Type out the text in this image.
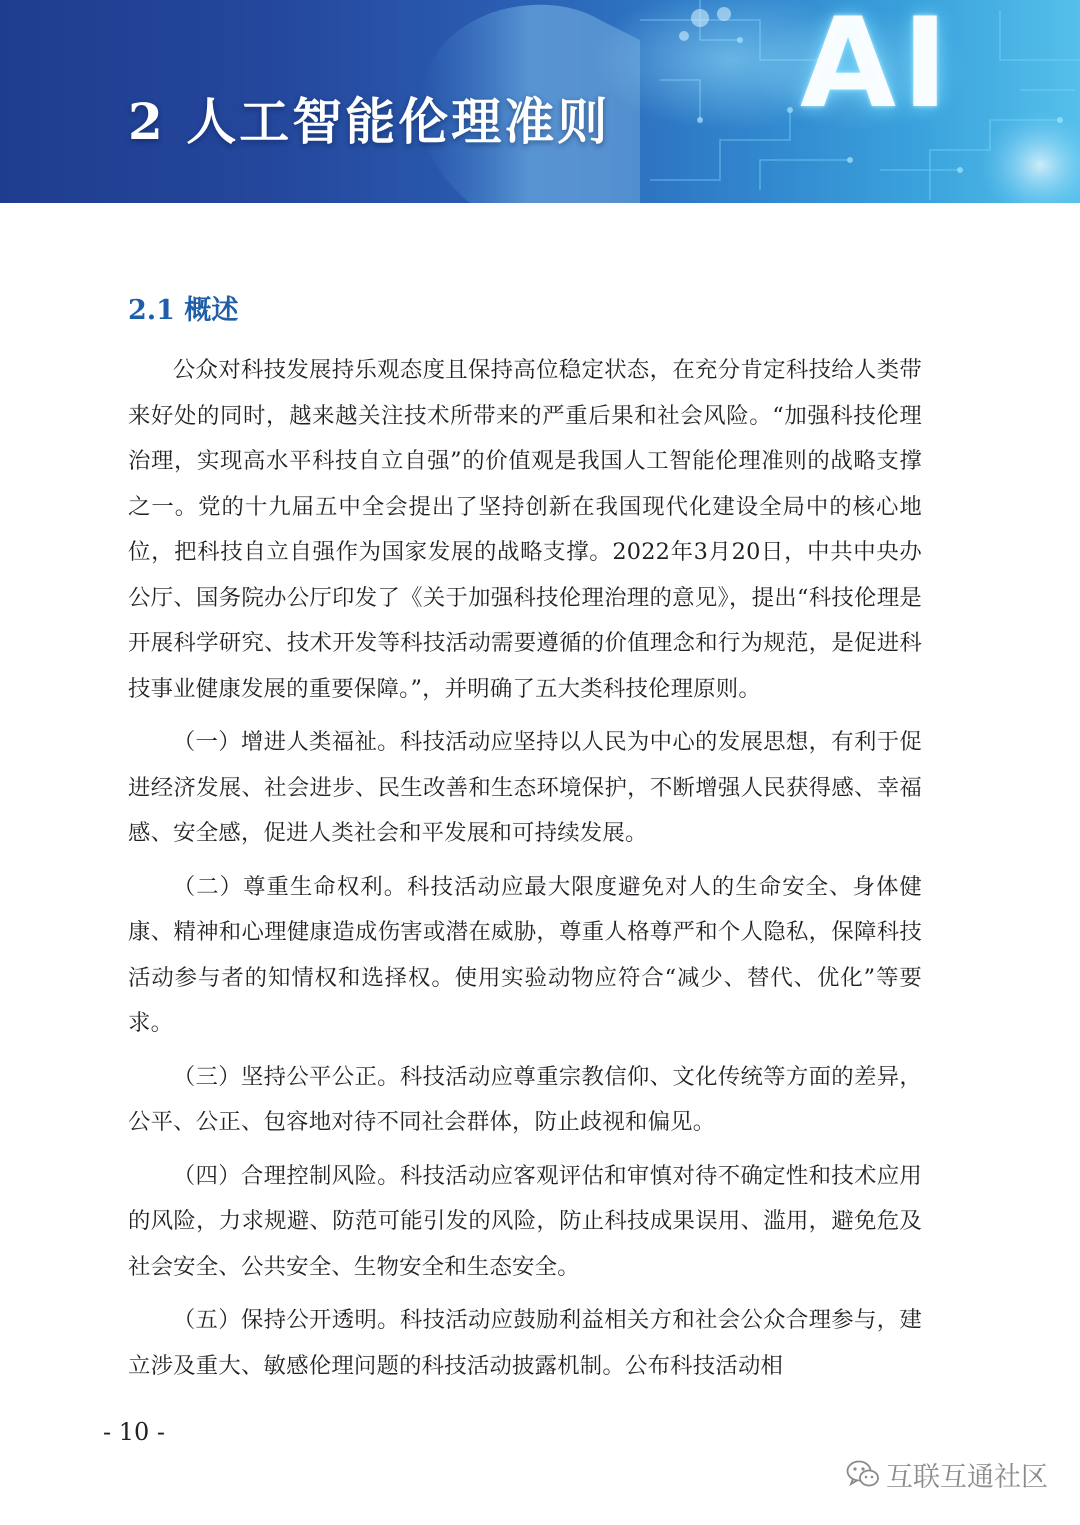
AI
2 人工智能伦理准则
2.1 概述

公众对科技发展持乐观态度且保持高位稳定状态，在充分肯定科技给人类带来好处的同时，越来越关注技术所带来的严重后果和社会风险。“加强科技伦理治理，实现高水平科技自立自强”的价值观是我国人工智能伦理准则的战略支撑之一。党的十九届五中全会提出了坚持创新在我国现代化建设全局中的核心地位，把科技自立自强作为国家发展的战略支撑。2022年3月20日，中共中央办公厅、国务院办公厅印发了《关于加强科技伦理治理的意见》，提出“科技伦理是开展科学研究、技术开发等科技活动需要遵循的价值理念和行为规范，是促进科技事业健康发展的重要保障。”，并明确了五大类科技伦理原则。

（一）增进人类福祉。科技活动应坚持以人民为中心的发展思想，有利于促进经济发展、社会进步、民生改善和生态环境保护，不断增强人民获得感、幸福感、安全感，促进人类社会和平发展和可持续发展。

（二）尊重生命权利。科技活动应最大限度避免对人的生命安全、身体健康、精神和心理健康造成伤害或潜在威胁，尊重人格尊严和个人隐私，保障科技活动参与者的知情权和选择权。使用实验动物应符合“减少、替代、优化”等要求。

（三）坚持公平公正。科技活动应尊重宗教信仰、文化传统等方面的差异，公平、公正、包容地对待不同社会群体，防止歧视和偏见。

（四）合理控制风险。科技活动应客观评估和审慎对待不确定性和技术应用的风险，力求规避、防范可能引发的风险，防止科技成果误用、滥用，避免危及社会安全、公共安全、生物安全和生态安全。

（五）保持公开透明。科技活动应鼓励利益相关方和社会公众合理参与，建立涉及重大、敏感伦理问题的科技活动披露机制。公布科技活动相

- 10 -
互联互通社区
